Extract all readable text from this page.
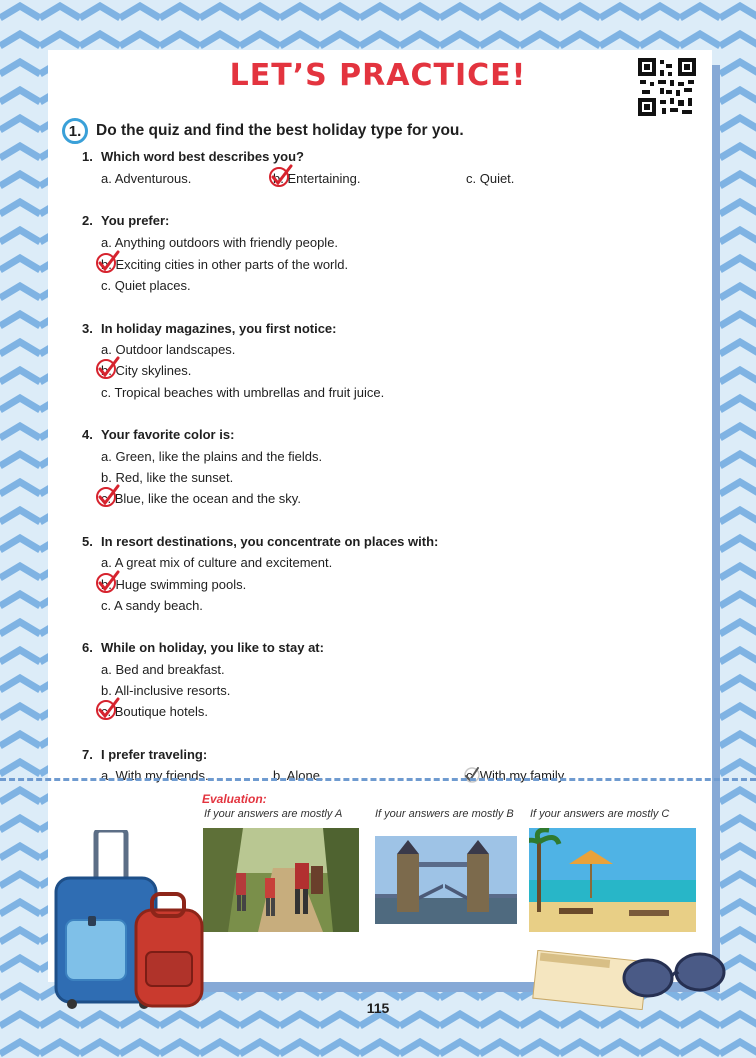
LET’S PRACTICE!
1. Do the quiz and find the best holiday type for you.
1. Which word best describes you?
a. Adventurous.	b. Entertaining.	c. Quiet.
2. You prefer:
a. Anything outdoors with friendly people.
b. Exciting cities in other parts of the world.
c. Quiet places.
3. In holiday magazines, you first notice:
a. Outdoor landscapes.
b. City skylines.
c. Tropical beaches with umbrellas and fruit juice.
4. Your favorite color is:
a. Green, like the plains and the fields.
b. Red, like the sunset.
c. Blue, like the ocean and the sky.
5. In resort destinations, you concentrate on places with:
a. A great mix of culture and excitement.
b. Huge swimming pools.
c. A sandy beach.
6. While on holiday, you like to stay at:
a. Bed and breakfast.
b. All-inclusive resorts.
c. Boutique hotels.
7. I prefer traveling:
a. With my friends.	b. Alone.	c. With my family.
Evaluation:
If your answers are mostly A	If your answers are mostly B If your answers are mostly C
115
